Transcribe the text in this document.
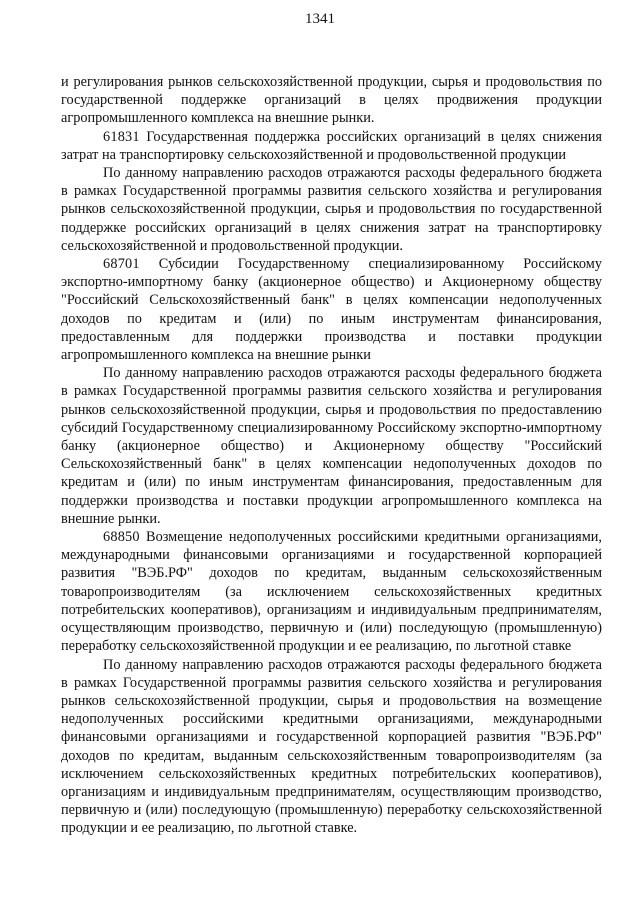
1341

и регулирования рынков сельскохозяйственной продукции, сырья и продовольствия по государственной поддержке организаций в целях продвижения продукции агропромышленного комплекса на внешние рынки.

61831 Государственная поддержка российских организаций в целях снижения затрат на транспортировку сельскохозяйственной и продовольственной продукции

По данному направлению расходов отражаются расходы федерального бюджета в рамках Государственной программы развития сельского хозяйства и регулирования рынков сельскохозяйственной продукции, сырья и продовольствия по государственной поддержке российских организаций в целях снижения затрат на транспортировку сельскохозяйственной и продовольственной продукции.

68701 Субсидии Государственному специализированному Российскому экспортно-импортному банку (акционерное общество) и Акционерному обществу "Российский Сельскохозяйственный банк" в целях компенсации недополученных доходов по кредитам и (или) по иным инструментам финансирования, предоставленным для поддержки производства и поставки продукции агропромышленного комплекса на внешние рынки

По данному направлению расходов отражаются расходы федерального бюджета в рамках Государственной программы развития сельского хозяйства и регулирования рынков сельскохозяйственной продукции, сырья и продовольствия по предоставлению субсидий Государственному специализированному Российскому экспортно-импортному банку (акционерное общество) и Акционерному обществу "Российский Сельскохозяйственный банк" в целях компенсации недополученных доходов по кредитам и (или) по иным инструментам финансирования, предоставленным для поддержки производства и поставки продукции агропромышленного комплекса на внешние рынки.

68850 Возмещение недополученных российскими кредитными организациями, международными финансовыми организациями и государственной корпорацией развития "ВЭБ.РФ" доходов по кредитам, выданным сельскохозяйственным товаропроизводителям (за исключением сельскохозяйственных кредитных потребительских кооперативов), организациям и индивидуальным предпринимателям, осуществляющим производство, первичную и (или) последующую (промышленную) переработку сельскохозяйственной продукции и ее реализацию, по льготной ставке

По данному направлению расходов отражаются расходы федерального бюджета в рамках Государственной программы развития сельского хозяйства и регулирования рынков сельскохозяйственной продукции, сырья и продовольствия на возмещение недополученных российскими кредитными организациями, международными финансовыми организациями и государственной корпорацией развития "ВЭБ.РФ" доходов по кредитам, выданным сельскохозяйственным товаропроизводителям (за исключением сельскохозяйственных кредитных потребительских кооперативов), организациям и индивидуальным предпринимателям, осуществляющим производство, первичную и (или) последующую (промышленную) переработку сельскохозяйственной продукции и ее реализацию, по льготной ставке.
